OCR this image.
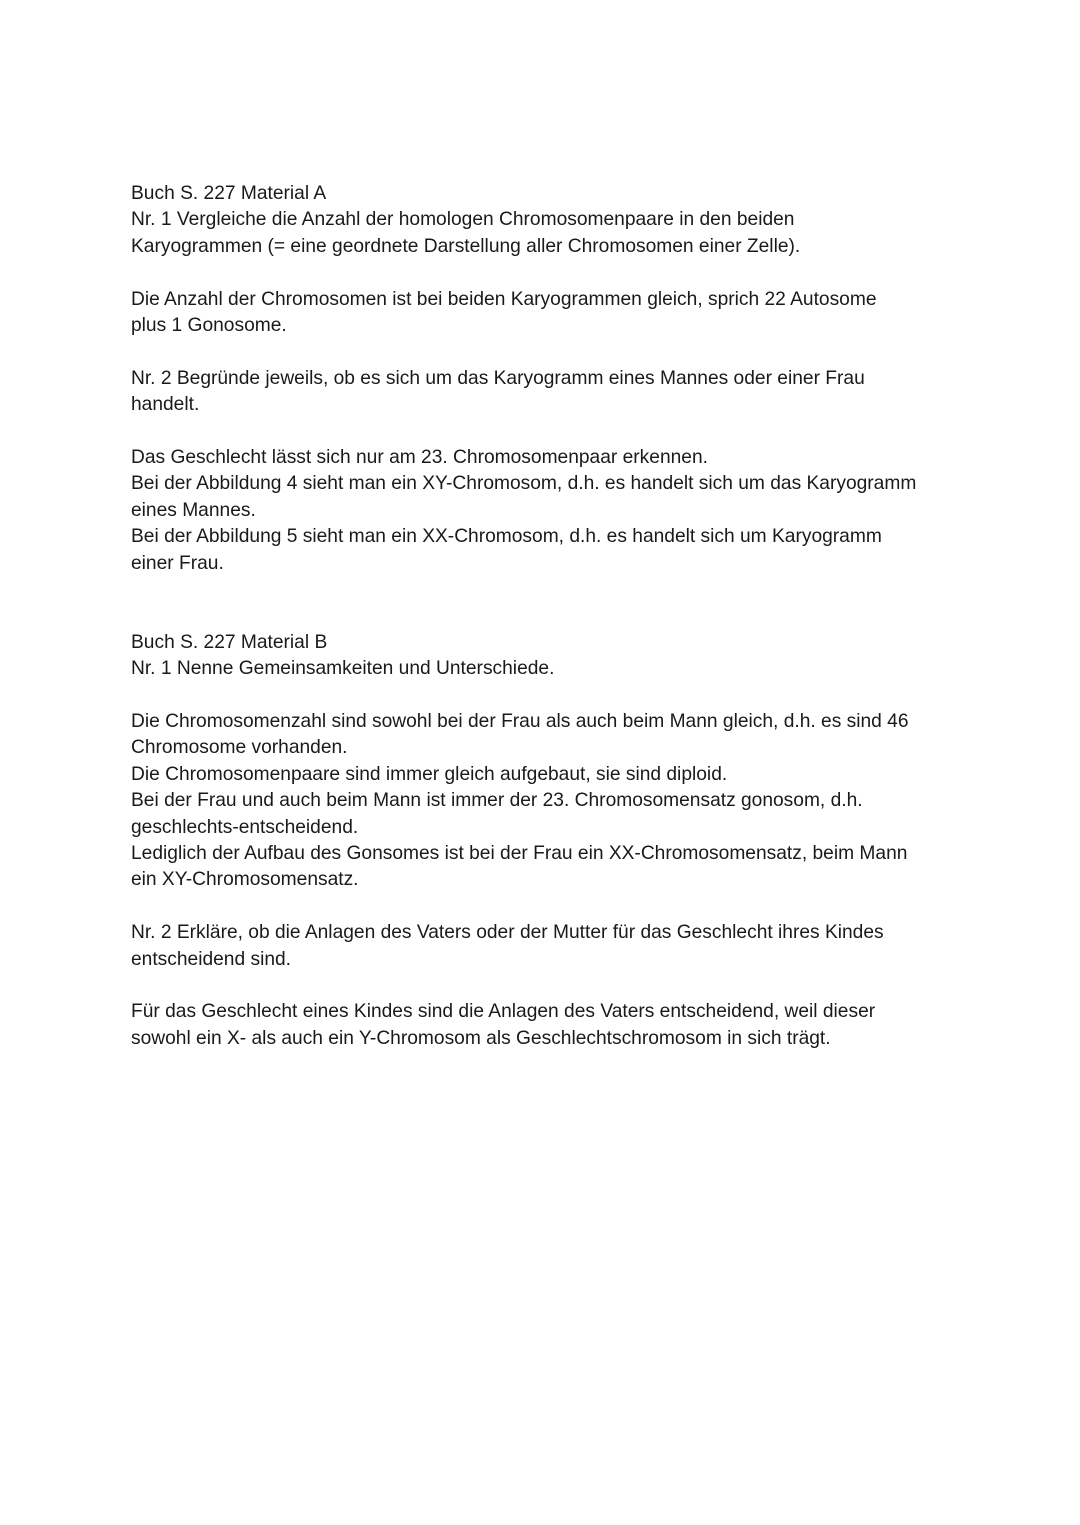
Buch S. 227 Material A
Nr. 1 Vergleiche die Anzahl der homologen Chromosomenpaare in den beiden
Karyogrammen (= eine geordnete Darstellung aller Chromosomen einer Zelle).
Die Anzahl der Chromosomen ist bei beiden Karyogrammen gleich, sprich 22 Autosome
plus 1 Gonosome.
Nr. 2 Begründe jeweils, ob es sich um das Karyogramm eines Mannes oder einer Frau
handelt.
Das Geschlecht lässt sich nur am 23. Chromosomenpaar erkennen.
Bei der Abbildung 4 sieht man ein XY-Chromosom, d.h. es handelt sich um das Karyogramm
eines Mannes.
Bei der Abbildung 5 sieht man ein XX-Chromosom, d.h. es handelt sich um Karyogramm
einer Frau.
Buch S. 227 Material B
Nr. 1 Nenne Gemeinsamkeiten und Unterschiede.
Die Chromosomenzahl sind sowohl bei der Frau als auch beim Mann gleich, d.h. es sind 46
Chromosome vorhanden.
Die Chromosomenpaare sind immer gleich aufgebaut, sie sind diploid.
Bei der Frau und auch beim Mann ist immer der 23. Chromosomensatz gonosom, d.h.
geschlechts-entscheidend.
Lediglich der Aufbau des Gonsomes ist bei der Frau ein XX-Chromosomensatz, beim Mann
ein XY-Chromosomensatz.
Nr. 2 Erkläre, ob die Anlagen des Vaters oder der Mutter für das Geschlecht ihres Kindes
entscheidend sind.
Für das Geschlecht eines Kindes sind die Anlagen des Vaters entscheidend, weil dieser
sowohl ein X- als auch ein Y-Chromosom als Geschlechtschromosom in sich trägt.
